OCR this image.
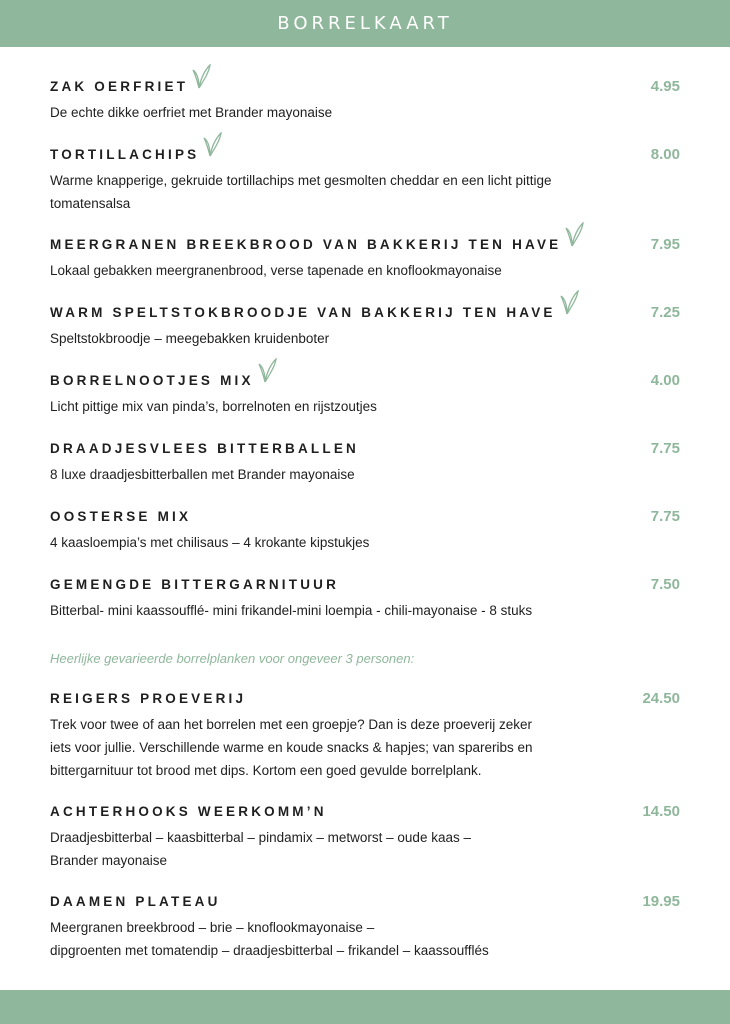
BORRELKAART
ZAK OERFRIET	4.95
De echte dikke oerfriet met Brander mayonaise
TORTILLACHIPS	8.00
Warme knapperige, gekruide tortillachips met gesmolten cheddar en een licht pittige
tomatensalsa
MEERGRANEN BREEKBROOD VAN BAKKERIJ TEN HAVE	7.95
Lokaal gebakken meergranenbrood, verse tapenade en knoflookmayonaise
WARM SPELTSTOKBROODJE VAN BAKKERIJ TEN HAVE	7.25
Speltstokbroodje – meegebakken kruidenboter
BORRELNOOTJES MIX	4.00
Licht pittige mix van pinda’s, borrelnoten en rijstzoutjes
DRAADJESVLEES BITTERBALLEN	7.75
8 luxe draadjesbitterballen met Brander mayonaise
OOSTERSE MIX	7.75
4 kaasloempia’s met chilisaus – 4 krokante kipstukjes
GEMENGDE BITTERGARNITUUR	7.50
Bitterbal- mini kaassoufflé- mini frikandel-mini loempia - chili-mayonaise - 8 stuks
REIGERS PROEVERIJ	24.50
Trek voor twee of aan het borrelen met een groepje? Dan is deze proeverij zeker
iets voor jullie. Verschillende warme en koude snacks & hapjes; van spareribs en
bittergarnituur tot brood met dips. Kortom een goed gevulde borrelplank.
ACHTERHOOKS WEERKOMM’N	14.50
Draadjesbitterbal – kaasbitterbal – pindamix – metworst – oude kaas –
Brander mayonaise
DAAMEN PLATEAU	19.95
Meergranen breekbrood – brie – knoflookmayonaise –
dipgroenten met tomatendip – draadjesbitterbal – frikandel – kaassoufflés
Heerlijke gevarieerde borrelplanken voor ongeveer 3 personen:
